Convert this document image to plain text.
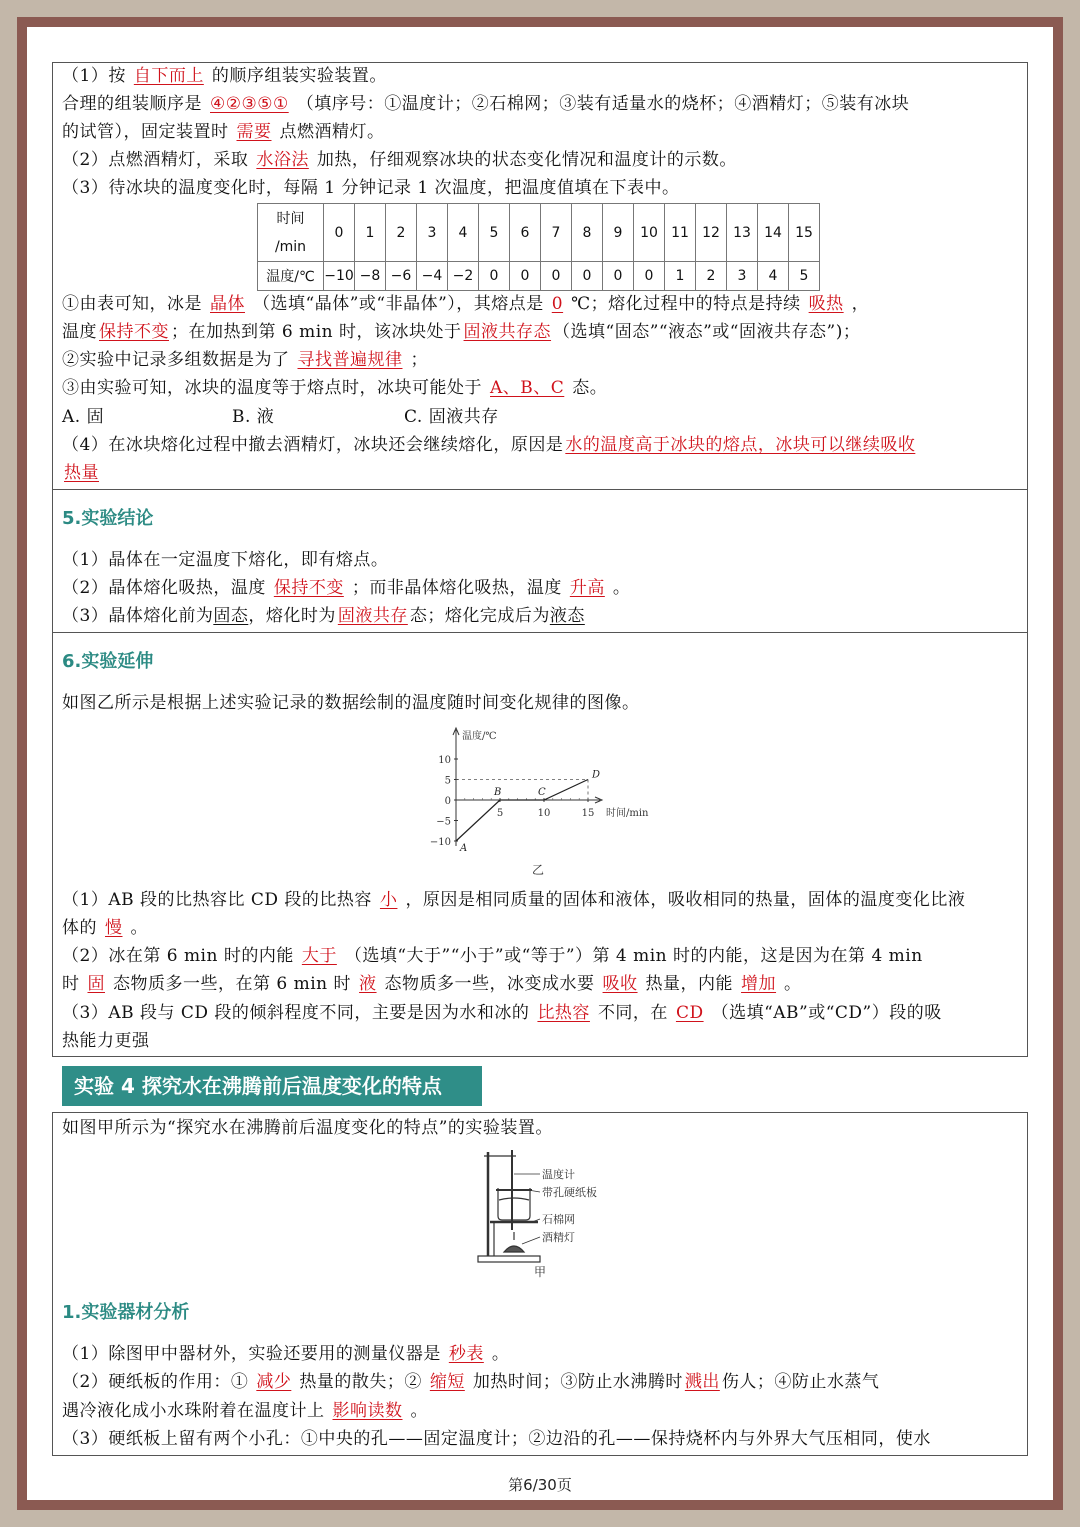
（1）按 自下而上 的顺序组装实验装置。
合理的组装顺序是 ④②③⑤① （填序号：①温度计；②石棉网；③装有适量水的烧杯；④酒精灯；⑤装有冰块
的试管），固定装置时 需要 点燃酒精灯。
（2）点燃酒精灯，采取 水浴法 加热，仔细观察冰块的状态变化情况和温度计的示数。
（3）待冰块的温度变化时，每隔 1 分钟记录 1 次温度，把温度值填在下表中。
时间
/min	0	1	2	3	4	5	6	7	8	9	10	11	12	13	14	15
温度/℃	−10	−8	−6	−4	−2	0	0	0	0	0	0	1	2	3	4	5
①由表可知，冰是 晶体 （选填“晶体”或“非晶体”），其熔点是 0 ℃；熔化过程中的特点是持续 吸热 ，
温度 保持不变 ；在加热到第 6 min 时，该冰块处于 固液共存态 （选填“固态”“液态”或“固液共存态”)；
②实验中记录多组数据是为了 寻找普遍规律 ；
③由实验可知，冰块的温度等于熔点时，冰块可能处于 A、B、C 态。
A. 固	B. 液	C. 固液共存
（4）在冰块熔化过程中撤去酒精灯，冰块还会继续熔化，原因是 水的温度高于冰块的熔点，冰块可以继续吸收
热量
5.实验结论
（1）晶体在一定温度下熔化，即有熔点。
（2）晶体熔化吸热，温度 保持不变 ；而非晶体熔化吸热，温度 升高 。
（3）晶体熔化前为固态，熔化时为 固液共存 态；熔化完成后为液态
6.实验延伸
如图乙所示是根据上述实验记录的数据绘制的温度随时间变化规律的图像。
温度/℃
时间/min
10
5
0
−5
−10
5	10	15
A
B	C
D
乙
（1）AB 段的比热容比 CD 段的比热容 小 ，原因是相同质量的固体和液体，吸收相同的热量，固体的温度变化比液
体的 慢 。
（2）冰在第 6 min 时的内能 大于 （选填“大于”“小于”或“等于”）第 4 min 时的内能，这是因为在第 4 min
时 固 态物质多一些，在第 6 min 时 液 态物质多一些，冰变成水要 吸收 热量，内能 增加 。
（3）AB 段与 CD 段的倾斜程度不同，主要是因为水和冰的 比热容 不同，在 CD （选填“AB”或“CD”）段的吸
热能力更强
实验 4 探究水在沸腾前后温度变化的特点
如图甲所示为“探究水在沸腾前后温度变化的特点”的实验装置。
温度计
带孔硬纸板
石棉网
酒精灯
甲
1.实验器材分析
（1）除图甲中器材外，实验还要用的测量仪器是 秒表 。
（2）硬纸板的作用：① 减少 热量的散失；② 缩短 加热时间；③防止水沸腾时 溅出 伤人；④防止水蒸气
遇冷液化成小水珠附着在温度计上 影响读数 。
（3）硬纸板上留有两个小孔：①中央的孔——固定温度计；②边沿的孔——保持烧杯内与外界大气压相同，使水
第6/30页
